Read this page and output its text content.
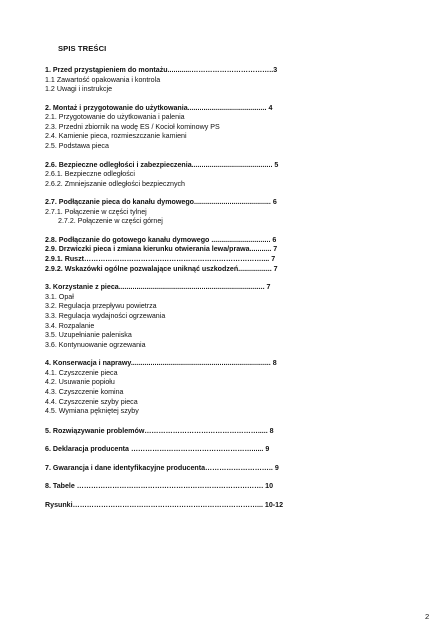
SPIS TREŚCI
1. Przed przystąpieniem do montażu............……………………………..3
1.1 Zawartość opakowania i kontrola
1.2 Uwagi i instrukcje
2. Montaż i przygotowanie do użytkowania........................................ 4
2.1. Przygotowanie do użytkowania i palenia
2.3. Przedni zbiornik na wodę ES / Kocioł kominowy PS
2.4. Kamienie pieca, rozmieszczanie kamieni
2.5. Podstawa pieca
2.6. Bezpieczne odległości i zabezpieczenia......................................... 5
2.6.1. Bezpieczne odległości
2.6.2. Zmniejszanie odległości bezpiecznych
2.7. Podłączanie pieca do kanału dymowego....................................... 6
2.7.1. Połączenie w części tylnej
2.7.2. Połączenie w części górnej
2.8. Podłączanie do gotowego kanału dymowego .............................. 6
2.9. Drzwiczki pieca i zmiana kierunku otwierania lewa/prawa........... 7
2.9.1. Ruszt………………………………………………………………….... 7
2.9.2. Wskazówki ogólne pozwalające uniknąć uszkodzeń................. 7
3. Korzystanie z pieca.......................................................................... 7
3.1. Opał
3.2. Regulacja przepływu powietrza
3.3. Regulacja wydajności ogrzewania
3.4. Rozpalanie
3.5. Uzupełnianie paleniska
3.6. Kontynuowanie ogrzewania
4. Konserwacja i naprawy....................................................................... 8
4.1. Czyszczenie pieca
4.2. Usuwanie popiołu
4.3. Czyszczenie komina
4.4. Czyszczenie szyby pieca
4.5. Wymiana pękniętej szyby
5. Rozwiązywanie problemów…………………………………………..... 8
6. Deklaracja producenta ……………………………………………...... 9
7. Gwarancja i dane identyfikacyjne producenta……………………….. 9
8. Tabele ……………………………………………………………………. 10
Rysunki……………………………………………………………………... 10-12
2
